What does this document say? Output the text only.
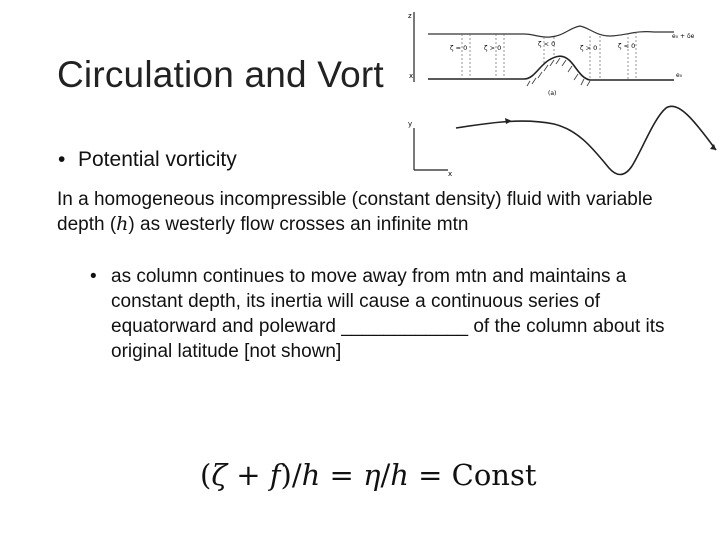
Circulation and Vort
z
x
ζ = 0	ζ > 0	ζ < 0	ζ > 0	ζ < 0
e₀ + δe
e₀
(a)
y
x
• Potential vorticity
In a homogeneous incompressible (constant density) fluid with variable depth (h) as westerly flow crosses an infinite mtn
• as column continues to move away from mtn and maintains a constant depth, its inertia will cause a continuous series of equatorward and poleward ____________ of the column about its original latitude [not shown]
(ζ + f)/h = η/h = Const
